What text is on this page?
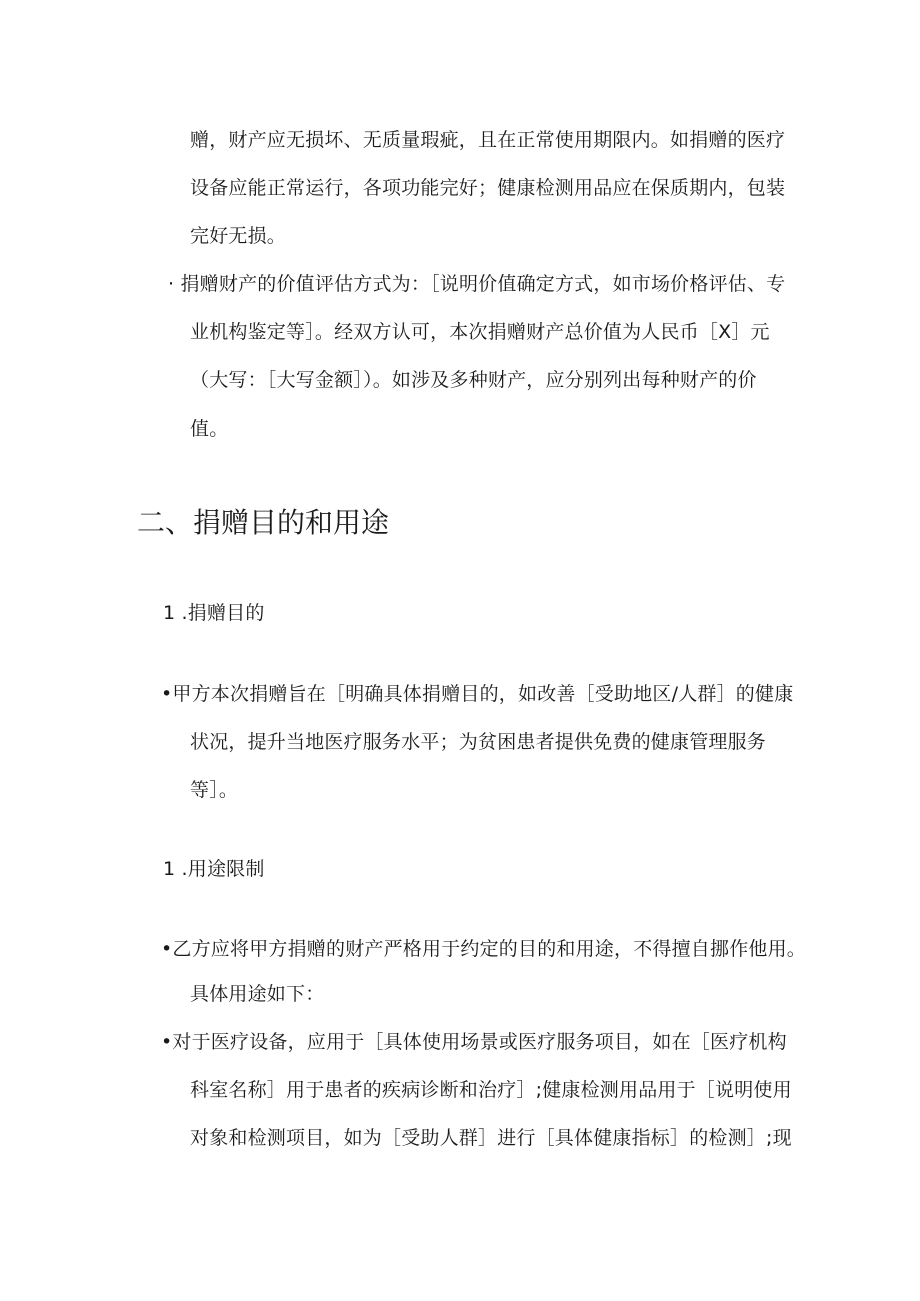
赠，财产应无损坏、无质量瑕疵，且在正常使用期限内。如捐赠的医疗
设备应能正常运行，各项功能完好；健康检测用品应在保质期内，包装
完好无损。
· 捐赠财产的价值评估方式为：［说明价值确定方式，如市场价格评估、专
业机构鉴定等］。经双方认可，本次捐赠财产总价值为人民币［X］元
（大写：［大写金额］）。如涉及多种财产，应分别列出每种财产的价
值。
二、捐赠目的和用途
1 .捐赠目的
•甲方本次捐赠旨在［明确具体捐赠目的，如改善［受助地区/人群］的健康
状况，提升当地医疗服务水平；为贫困患者提供免费的健康管理服务
等］。
1 .用途限制
•乙方应将甲方捐赠的财产严格用于约定的目的和用途，不得擅自挪作他用。
具体用途如下：
•对于医疗设备，应用于［具体使用场景或医疗服务项目，如在［医疗机构
科室名称］用于患者的疾病诊断和治疗］;健康检测用品用于［说明使用
对象和检测项目，如为［受助人群］进行［具体健康指标］的检测］;现
